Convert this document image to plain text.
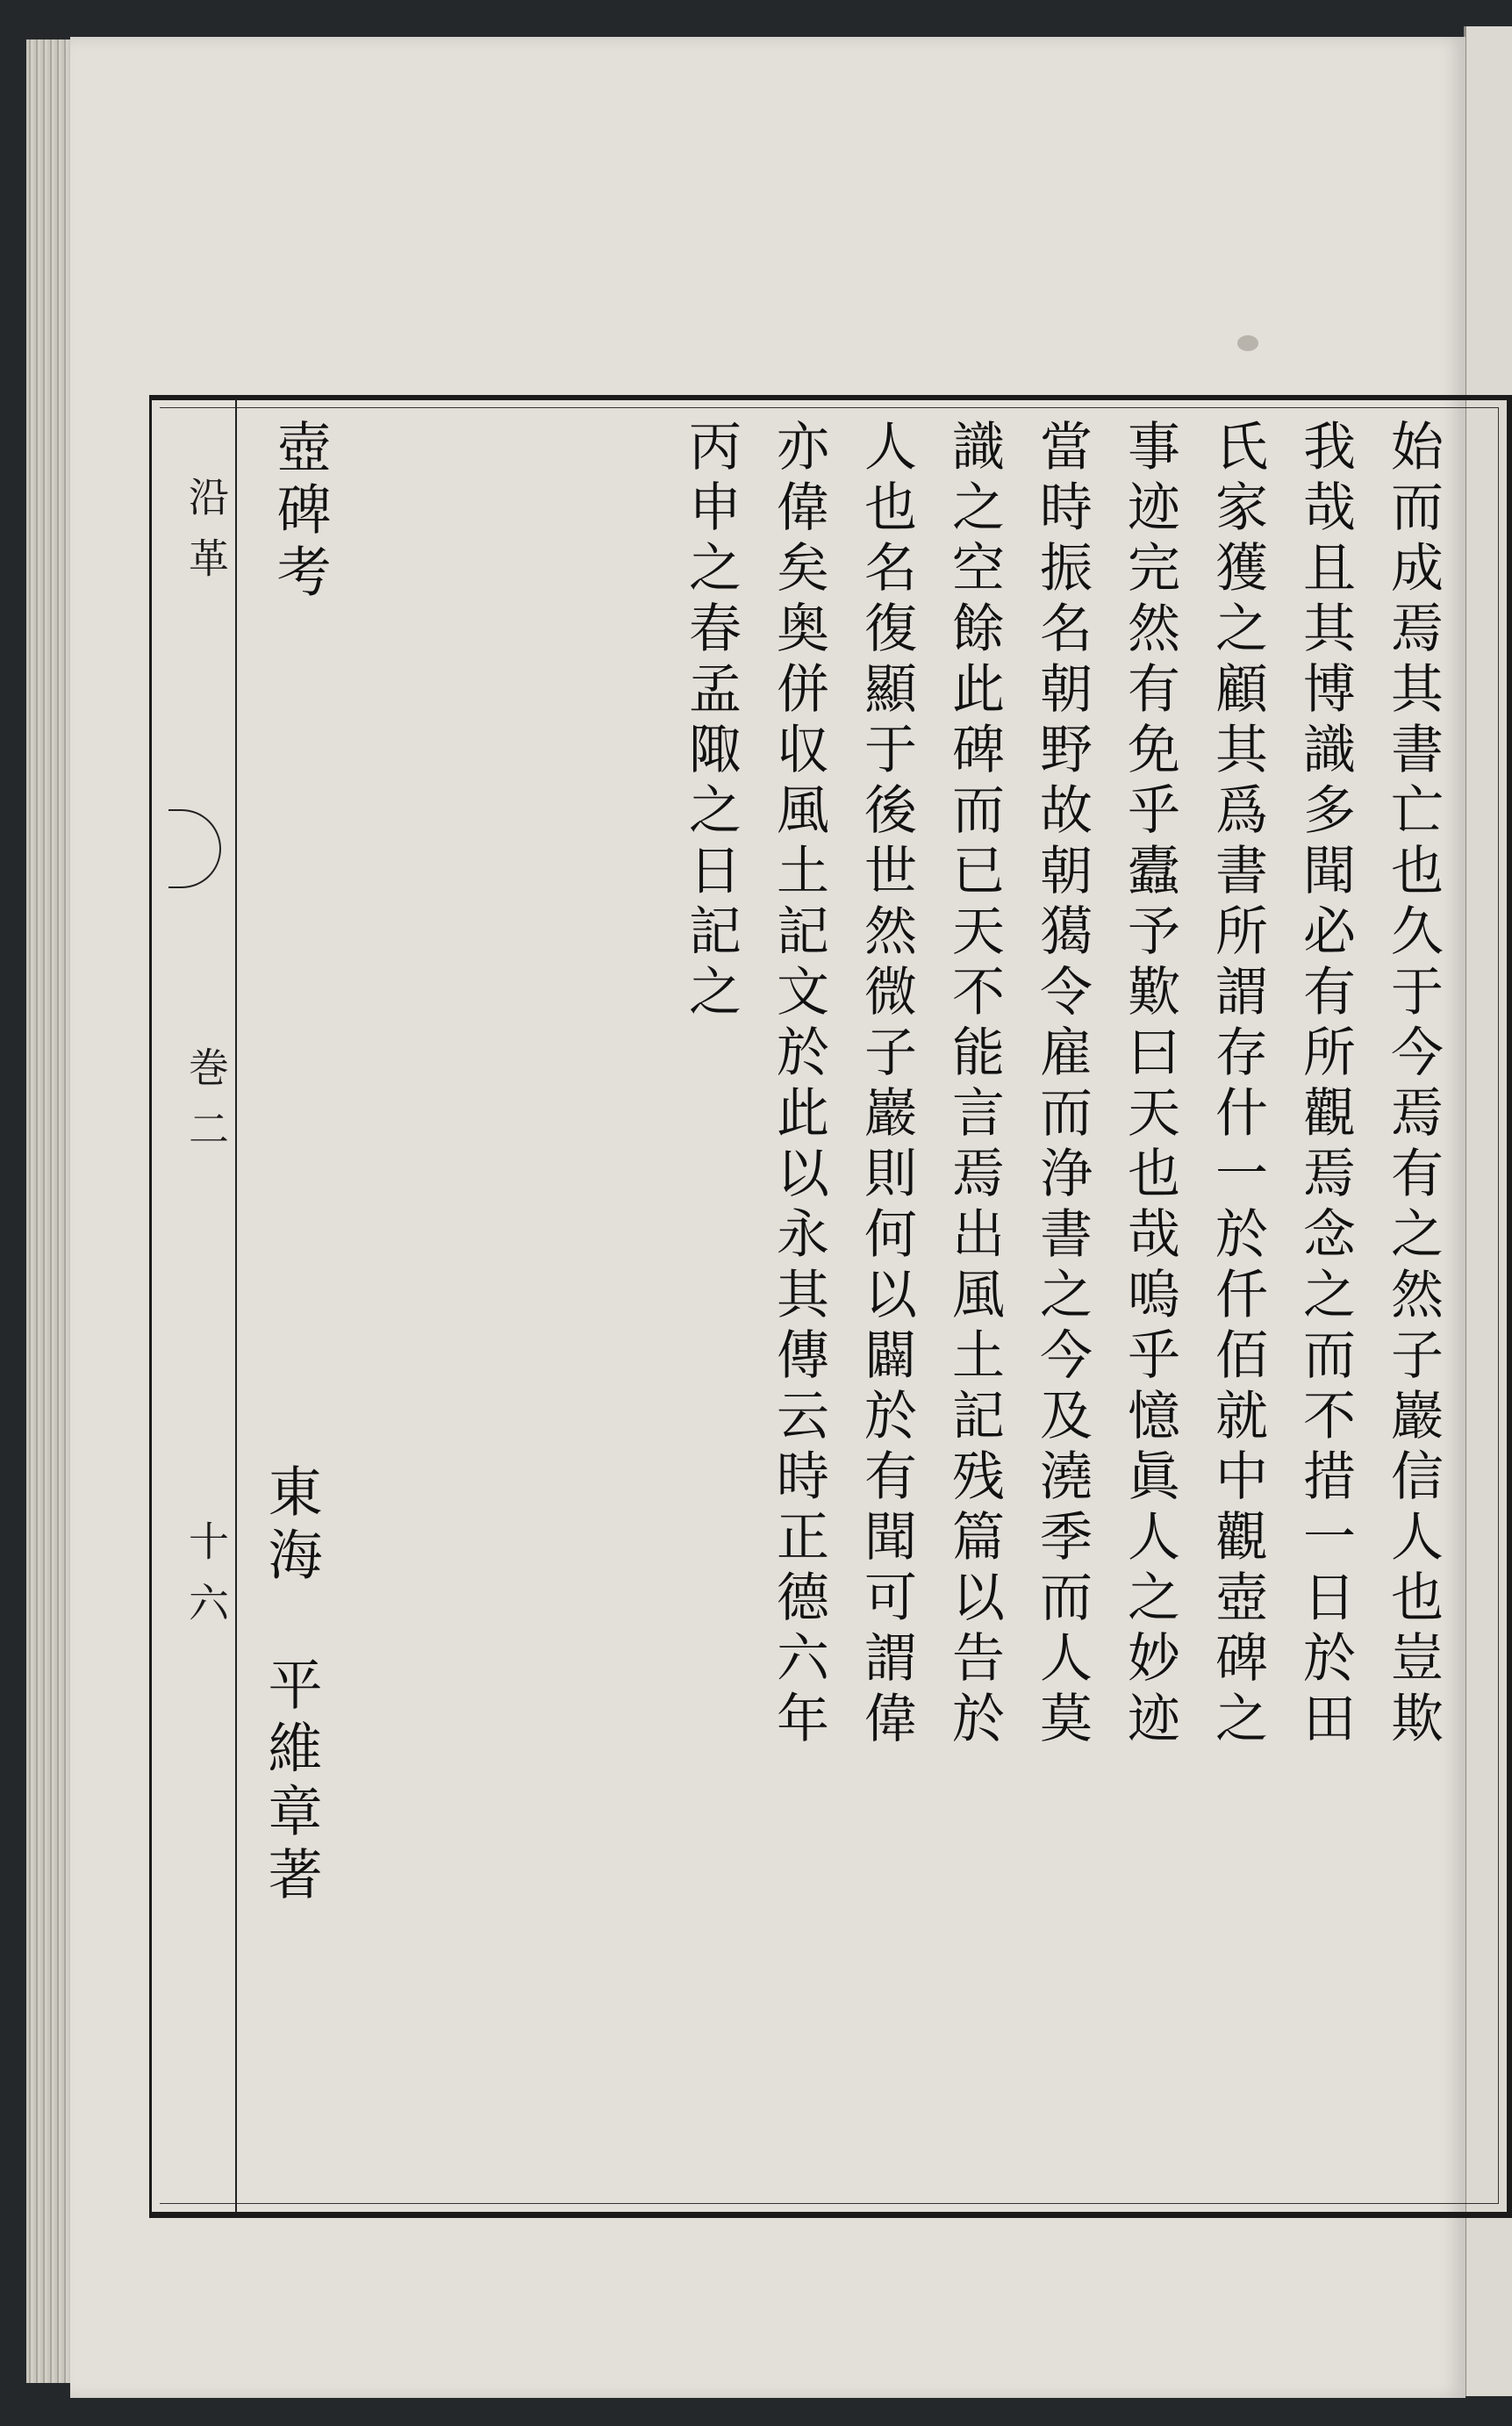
沿革
巻二
十六	始而成焉其書亡也久于今焉有之然子巖信人也豈欺
我哉且其博識多聞必有所觀焉念之而不措一日於田
氏家獲之顧其爲書所謂存什一於仟佰就中觀壺碑之
事迹完然有免乎蠹予歎曰天也哉嗚乎憶眞人之妙迹
當時振名朝野故朝獦令雇而浄書之今及澆季而人莫
識之空餘此碑而已天不能言焉出風土記残篇以告於
人也名復顯于後世然微子巖則何以闢於有聞可謂偉
亦偉矣奥併収風土記文於此以永其傳云時正德六年
丙申之春孟陬之日記之
壺碑考
東海
平維章著
